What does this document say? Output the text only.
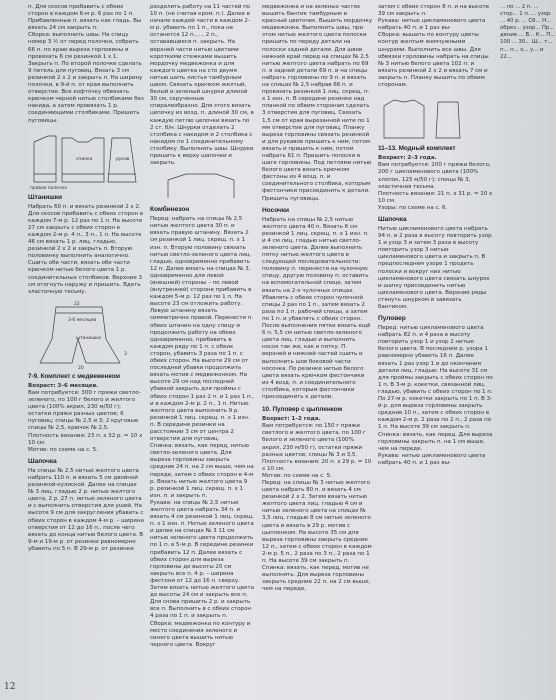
п. Для скосов прибавить с обеих сторон в каждом 6-м р. 6 раз по 1 п. Прибавленные п. вязать как гладь. Вы вязать 24 см закрыть п.

Сборка: выполнить швы. На спицу номер 3 ½ от перед полочки, собрать 66 п. по краю выреза горловины и провязать 6 см резинкой 1 x 1. Закрыть п. По второй полочке сделать 9 петель для пуговиц. Вязать 3 см резинкой 2 x 2 и закрыть п. На ширину полочки, в 9-й п. от края выполнить отверстие. Все кофточку обвязать крючком черной нитью столбиками без накида, а затем провязать 1 р. соединяющими столбиками. Пришить пуговицы.

правая полочка
спинка	рукав
Штанишки

Набрать 60 п. и вязать резинкой 2 x 2. Для скосов прибавить с обеих сторон в каждом 7-м р. 12 раз по 1 п. На высоте 27 см закрыть с обеих сторон в каждом 2-м р. 4 п., 3 п., 1 п. На высоте 46 см вязать 1 р. лиц. гладью, резинкой 2 x 2 и закрыть п. Вторую половинку выполнить аналогично. Сшить обе части, вязать обе части крючком нитью белого цвета 1 р. соединительных столбиков. Верхние 3 см отогнуть наружу и пришить. Вдеть эластичную тесьму.

22
3-6 месяцев
штанишки
3
20
7-9. Комплект с медвеженком

Возраст: 3–6 месяцев.

Вам потребуется: 300 г пряжи светло-зеленого, по 100 г белого и желтого цвета (100% акрил, 230 м/50 г); остатки пряжи разных цветов; 6 пуговиц; спицы № 2,5 и 3; 2 круговые спицы № 2,5, крючок № 2,5.

Плотность вязания: 23 п. x 32 р. = 10 x 10 см.

Мотив: по схеме на с. 5.

Шапочка

На спицы № 2,5 нитью желтого цвета набрать 110 п. и вязать 5 см двойной резинкой-кулиской. Далее на спицах № 3 лиц. гладью 2 р. нитью желтого цвета, 2 р. 27 п. нитью зеленого цвета и с выполнить отверстия для ушей. На высоте 9 см для закругления убавить с обеих сторон в каждом 4-м р. – ширина отверстия от 12 до 16 п., после чего вязать до конца нитью белого цвета. В 9-м и 19-м р. от резинки равномерно убавить по 5 п. В 29-м р. от резинки

разделить работу на 11 частей по 10 п. (не считая кром. п.). Далее в начале каждой части в каждом 2-м р. убавить по 1 п., пока не останется 12 п., ... 2 п., остававшиеся п. закрыть. На верхней части нитью цветами короткими стежками вышить мордочку медвежонка и для каждого цветка на сто двумя нитью шить листья тамбурным швом. Связать крючком желтый, белый и зеленый шнурки длиной 30 см, скрученные спиралеобразно. Для этого вязать цепочку из возд. п. длиной 30 см, в каждую петлю цепочки вязать по 2 ст. б/н. Шнурки отделать 2 столбика с накидом и 2 столбика с накидом по 1 соединительному столбику. Выполнить швы. Шнурки пришить к верху шапочки и закрыть.

Комбинезон

Перед: набрать на спицы № 2,5 нитью желтого цвета 30 п. и вязать правую штанину. Вязать 2 см резинкой 1 лиц. скрещ. п. x 1 изн. п. Вторую половину связать нитью светло-зеленого цвета лиц. гладью, одновременно прибавить 12 п. Далее вязать на спицах № 3, одновременно для левой (внешней) стороны – по левой (внутренней) стороне прибавить в каждом 5-м р. 12 раз по 1 п. На высоте 23 см отложить работу. Левую штанину вязать симметрично правой. Перенести п. обеих штанин на одну спицу и продолжить работу на обеих одновременно, прибавить в каждом ряду по 1 п. с обеих сторон, убавить 3 раза по 1 п. с обеих сторон. На высоте 29 см от последней убавки продолжить вязать мотив с медвежонком. На высоте 29 см над последней убавкой закрыть для проймы с обеих сторон 1 раз 2 п. и 1 раз 1 п., и в каждом 2-м р. 2 п., 1 п. Нитью желтого цвета выполнить 9 р. резинкой 1 лиц. скрещ. п. x 1 изн. п. В середине резинки на расстоянии 3 см от центра 2 отверстия для пуговиц.

Спинка: вязать, как перед, нитью светло-зеленого цвета. Для выреза горловины закрыть средние 24 п. на 2 см выше, чем на переде, затем с обеих сторон в 4-м р. Вязать нитью желтого цвета 9 р. резинкой 1 лиц. скрещ. п. x 1 изн. п. и закрыть п.

Рукава: на спицы № 2,5 нитью желтого цвета набрать 34 п. и вязать 4 см резинкой 1 лиц. скрещ. п. x 1 изн. п. Нитью зеленого цвета и далее на спицах № 3 11 см нитью зеленого цвета продолжить по 1 п. в 5-м р. В середине резинки прибавить 12 п. Далее вязать с обеих сторон для выреза горловины до высоты 20 см закрыть все п. 4 р. – ширина фестони от 12 до 16 п. сверху. Затем вязать нитью желтого цвета до высоты 24 см и закрыть все п. Для снова пришить 2 р. и закрыть все п. Выполнить в с обеих сторон 4 раза по 1 п. и закрыть п.

Сборка: медвежонка по контуру и место соединения зеленого и синего цвета вышить нитью черного цвета. Вокруг

медвежонка и на зеленых частях вышить бантик тамбурным и красный цветочек. Вышить мордочку медвежонка. Выполнить швы, при этом нитью желтого цвета полоски пришить по переду детали на полоски задней детали. Для швов нижний край перед на спицах № 2,5 нитью желтого цвета набрать по 69 п. в задней детали 69 п. и на спицы набрать горловины по 9 п. и вязать на спицах № 2,5 набрав 66 п. и провязать резинкой 1 лиц. скрещ. п. x 1 изн. п. В середине резинки над планкой по обеим сторонам сделать 3 отверстия для пуговиц. Связать 1,5 см от края вырезанной нити по 1 мм отверстие для пуговиц. Планку выреза горловины связать резинкой и для рукавов пришить к ним, потом вязать и пришить к ним, потом набрать 61 п. Пришить полоски в шаге горловины. Под петлями нитью белого цвета вязать крючком фестоны из 4 возд. п. и соединительного столбика, которым фестончики присоединить к детали. Пришить пуговицы.

Носочки

Набрать на спицы № 2,5 нитью желтого цвета 40 п. Вязать 6 см резинкой 1 лиц. скрещ. п. x 1 изн. п. и 4 см лиц. гладью нитью светло-зеленого цвета. Далее выполнить пятку нитью желтого цвета в следующей последовательности: половину п. перенести на чулочную спицу, другую половину п. оставить на вспомогательной спице, затем вязать на 2-х чулочных спицах. Убавлять с обеих сторон чулочной спицы 2 раз по 1 п., затем вязать 2 раза по 1 п. рабочей спицы, а затем по 1 п. и убавлять с обеих сторон. После выполнения пятки вязать ещё 6 п. 5,5 см нитью светло-зеленого цвета лиц. гладью и выполнить носок так же, как и пятку. П. верхней и нижней частей сшить и выполнить шов боковой части носочка. По резинке нитью белого цвета вязать крючком фестончики из 4 возд. п. и соединительного столбика, которым фестончики присоединить к детали.

10. Пуловер с цыпленком

Возраст: 1–2 года.

Вам потребуется: по 150 г пряжи светлого и желтого цвета, по 100 г белого и зеленого цвета (100% акрил, 230 м/50 г), остатки пряжи разных цветов; спицы № 3 и 3,5.

Плотность вязания: 20 п. x 29 р. = 10 x 10 см.

Мотив: по схеме на с. 5.

Перед: на спицы № 3 нитью желтого цвета набрать 80 п. и вязать 4 см резинкой 2 x 2. Затем вязать нитью желтого цвета лиц. гладью 4 см и нитью зеленого цвета на спицах № 3,5 лиц. гладью 8 см нитью зеленого цвета и вязать в 29 р. мотив с цыпленком. На высоте 35 см для выреза горловины закрыть средние 12 п., затем с обеих сторон в каждом 2-м р. 5 п., 2 раза по 3 п., 2 раза по 1 п. На высоте 39 см закрыть п.

Спинка: вязать, как перед, мотив не выполнять. Для выреза горловины закрыть средние 22 п. на 2 см выше, чем на переде,

затем с обеих сторон 8 п. и на высоте 39 см закрыть п.

Рукава: нитью цикламенового цвета набрать 40 п. и 1 раз вы-

Сборка: вышить по контуру цветы контур желтым жемчужными шнурами. Выполнить все швы. Для обвязки горловины набрать на спицы № 3 нитью белого цвета 102 п. и вязать резинкой 2 x 2 и вязать 7 см и закрыть п. Планку вышить по обеим сторонам.

11–13. Модный комплект

Возраст: 2–3 года.

Вам потребуется: 200 г пряжи белого, 200 г цикламенового цвета (100% хлопок, 125 м/50 г); спицы № 3, эластичная тесьма.

Плотность вязания: 21 п. x 31 р. = 10 x 10 см.

Узоры: по схеме на с. 6.

Шапочка

Нитью цикламенового цвета набрать 94 п. и 2 раза в высоту повторить узор 1 и узор 3 и затем 3 раза в высоту повторить узор 3 нитью цикламенового цвета и закрыть п. В предпоследнем узоре 1 продеть полоски и вокруг них нитью цикламенового цвета связать шнурок и шапку присоединить нитью цикламенового цвета. Верхние ряды стянуть шнурком и завязать бантиком.

Пуловер

Перед: нитью цикламенового цвета набрать 82 п. и 4 раза в высоту повторить узор 1 и узор 2 нитью белого цвета. В последнем р. узора 1 равномерно убавить 16 п. Далее вязать 1 раз узор 1 и до окончания детали лиц. гладью. На высоте 31 см для проймы закрыть с обеих сторон по 1 п. В 3-м р. кокетки, связанной лиц. гладью, убавить с обеих сторон по 1 п. По 27-м р. кокетки закрыть по 1 п. В 3-й р. для выреза горловины закрыть средние 10 п., затем с обеих сторон в каждом 2-м р. 2 раза по 2 п., 2 раза по 1 п. На высоте 39 см закрыть п.

Спинка: вязать, как перед. Для выреза горловины закрыть п. на 1 см выше, чем на переде.

Рукава: нитью цикламенового цвета набрать 40 п. и 1 раз вы-

... по ... 2 п. ... стор... 1 п. ... узор ... 40 р. ... Сб... Н... обрез... узор... Пр... дение ... В... К... П... 100 ... 30... Ш... т... п... п... о... у... и 22...

12
